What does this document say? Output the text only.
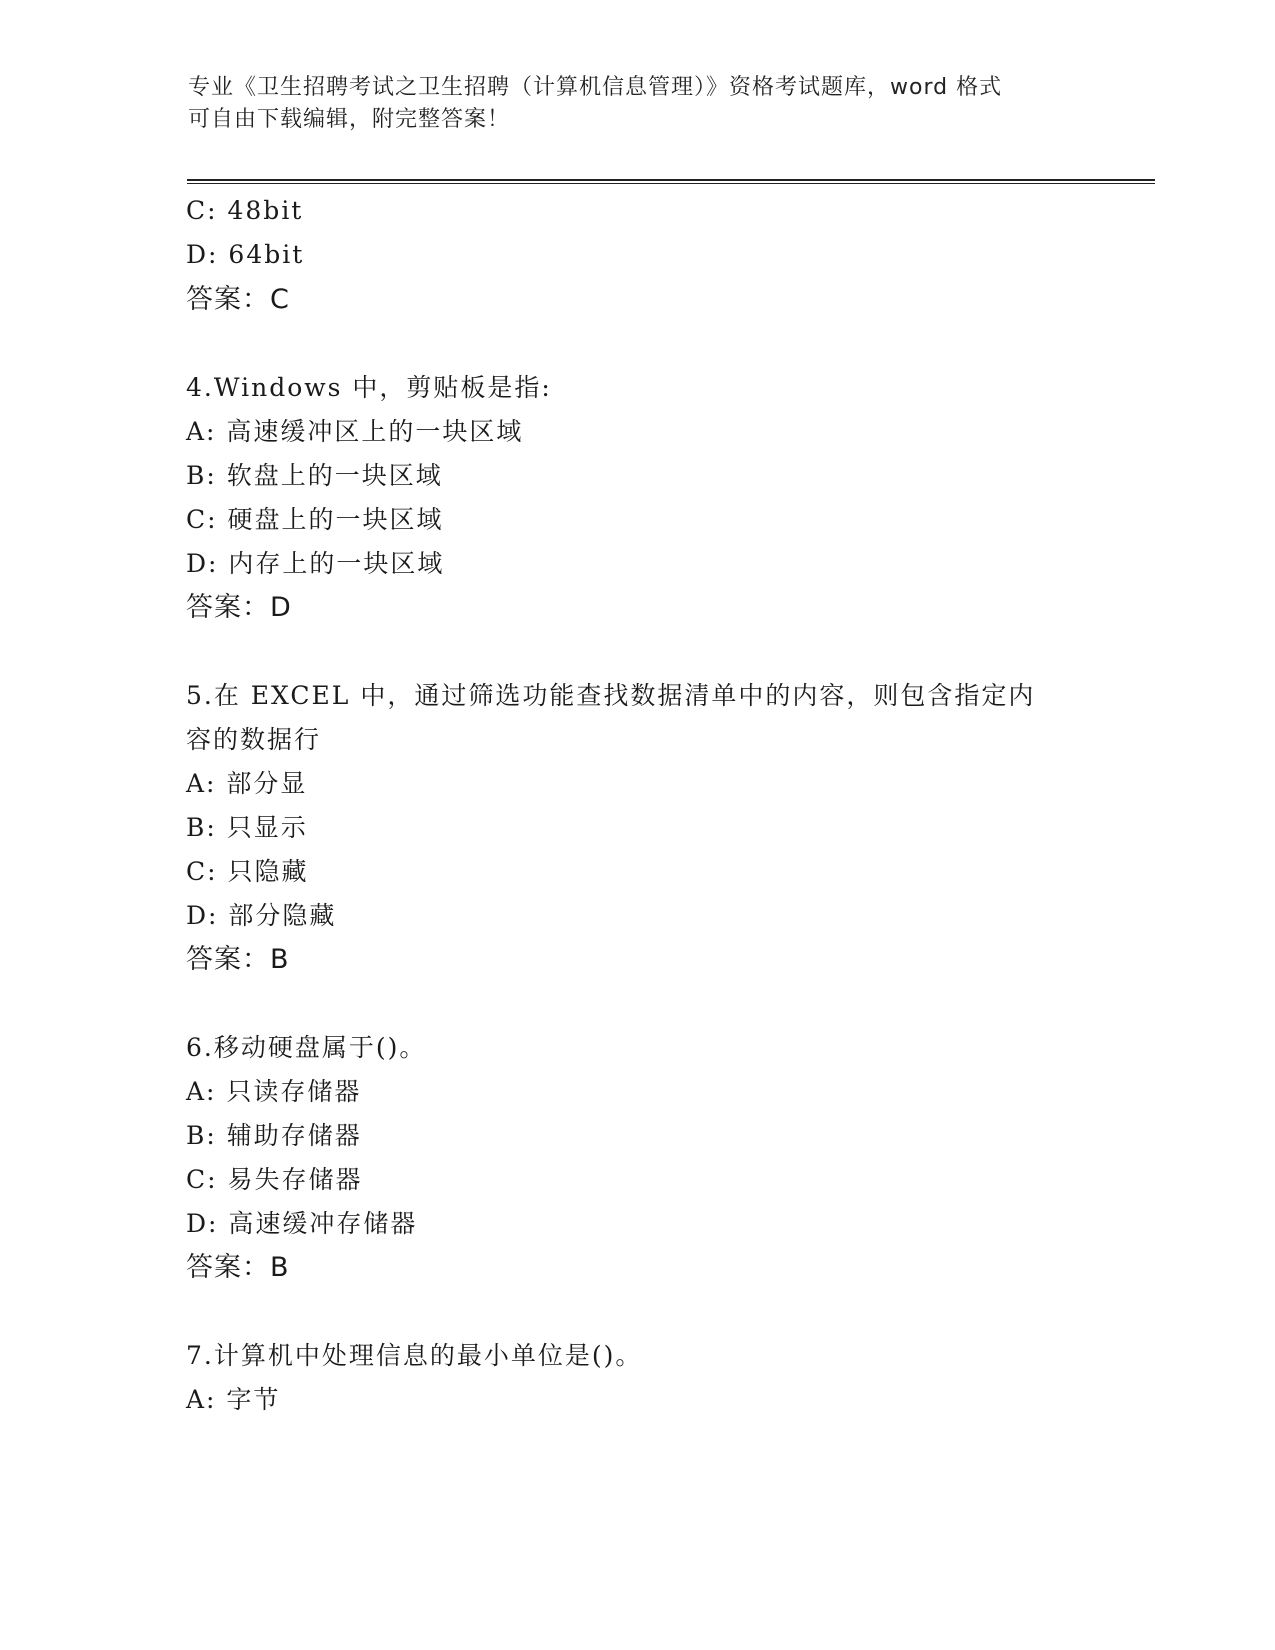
专业《卫生招聘考试之卫生招聘（计算机信息管理）》资格考试题库，word 格式
可自由下载编辑，附完整答案！
C: 48bit
D: 64bit
答案：C
4.Windows 中，剪贴板是指:
A: 高速缓冲区上的一块区域
B: 软盘上的一块区域
C: 硬盘上的一块区域
D: 内存上的一块区域
答案：D
5.在 EXCEL 中，通过筛选功能查找数据清单中的内容，则包含指定内
容的数据行
A: 部分显
B: 只显示
C: 只隐藏
D: 部分隐藏
答案：B
6.移动硬盘属于()。
A: 只读存储器
B: 辅助存储器
C: 易失存储器
D: 高速缓冲存储器
答案：B
7.计算机中处理信息的最小单位是()。
A: 字节
